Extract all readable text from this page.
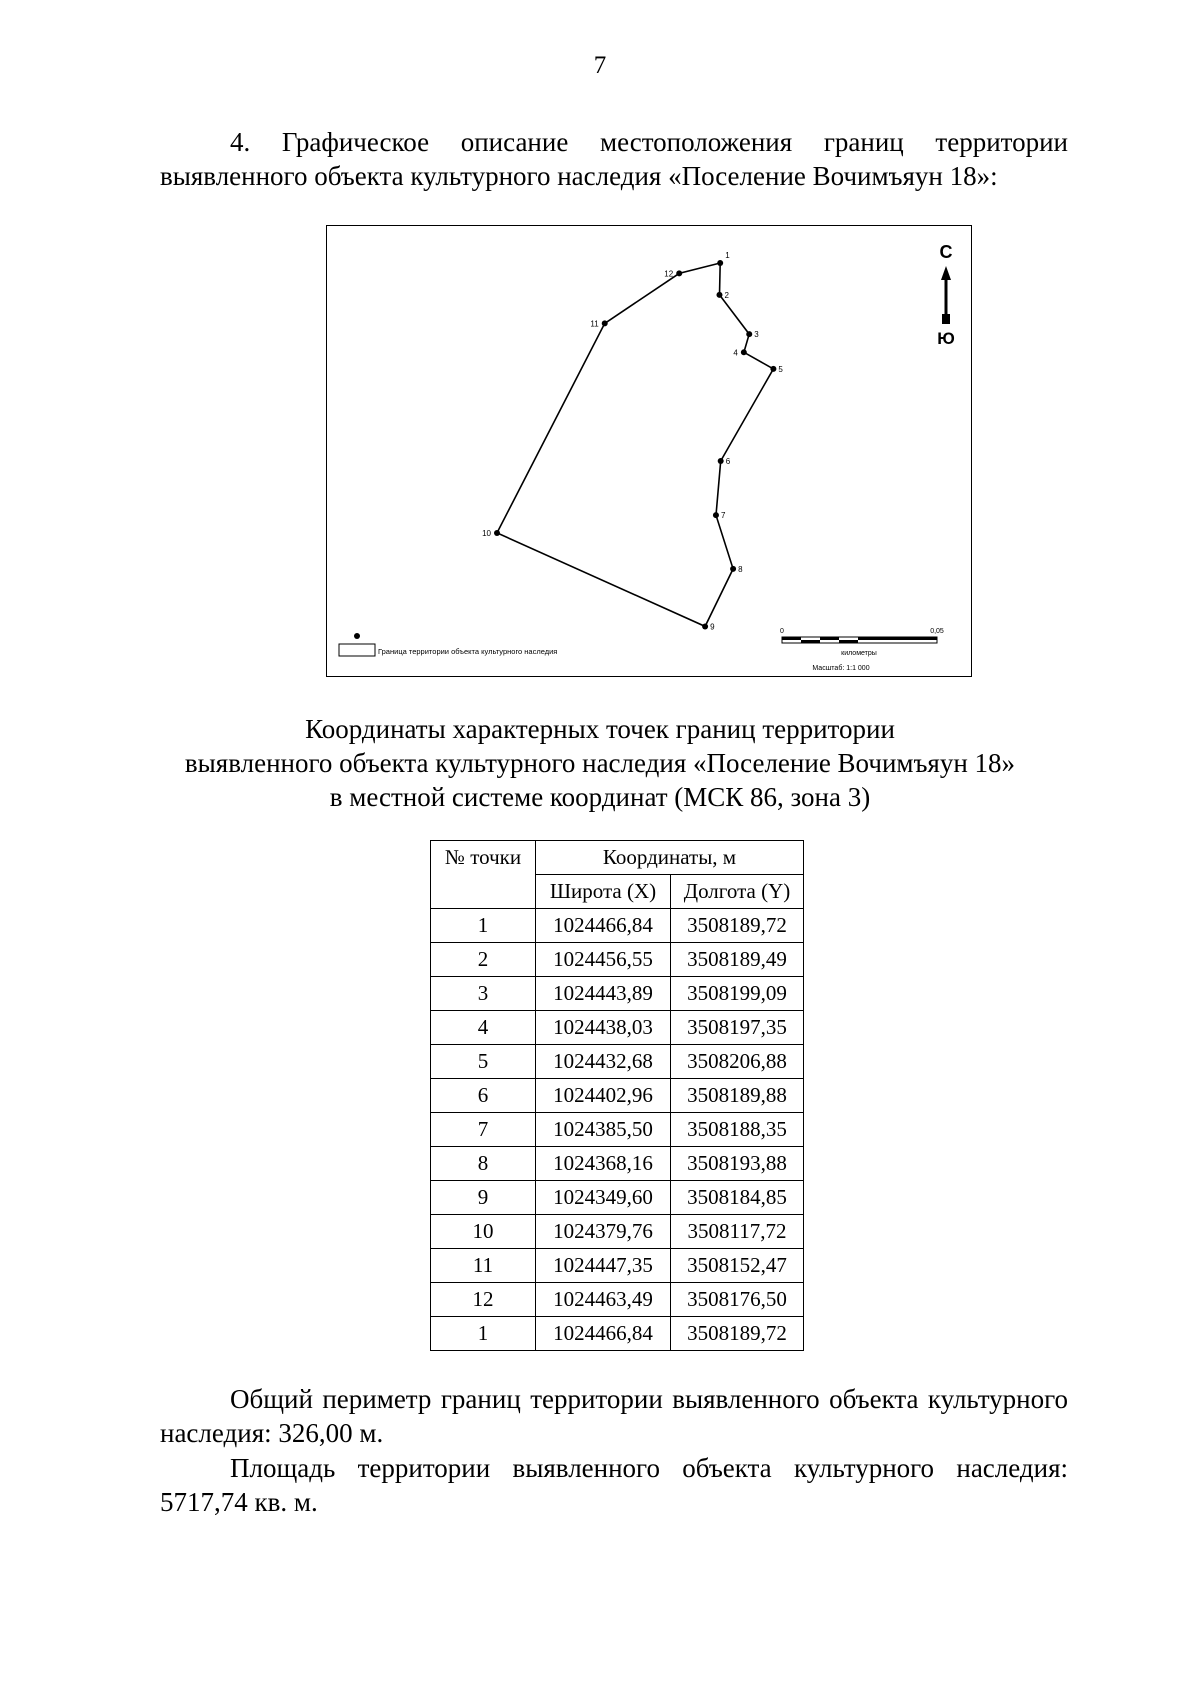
7
4. Графическое описание местоположения границ территории выявленного объекта культурного наследия «Поселение Вочимъяун 18»:
1
2
3
4
5
6
7
8
9
10
11
12
С
Ю
Граница территории объекта культурного наследия
0	0,05
километры
Масштаб: 1:1 000
Координаты характерных точек границ территории
выявленного объекта культурного наследия «Поселение Вочимъяун 18»
в местной системе координат (МСК 86, зона 3)
№ точки	Координаты, м	
	Широта (X)	Долгота (Y)
1	1024466,84	3508189,72
2	1024456,55	3508189,49
3	1024443,89	3508199,09
4	1024438,03	3508197,35
5	1024432,68	3508206,88
6	1024402,96	3508189,88
7	1024385,50	3508188,35
8	1024368,16	3508193,88
9	1024349,60	3508184,85
10	1024379,76	3508117,72
11	1024447,35	3508152,47
12	1024463,49	3508176,50
1	1024466,84	3508189,72
Общий периметр границ территории выявленного объекта культурного наследия: 326,00 м.
Площадь территории выявленного объекта культурного наследия: 5717,74 кв. м.
